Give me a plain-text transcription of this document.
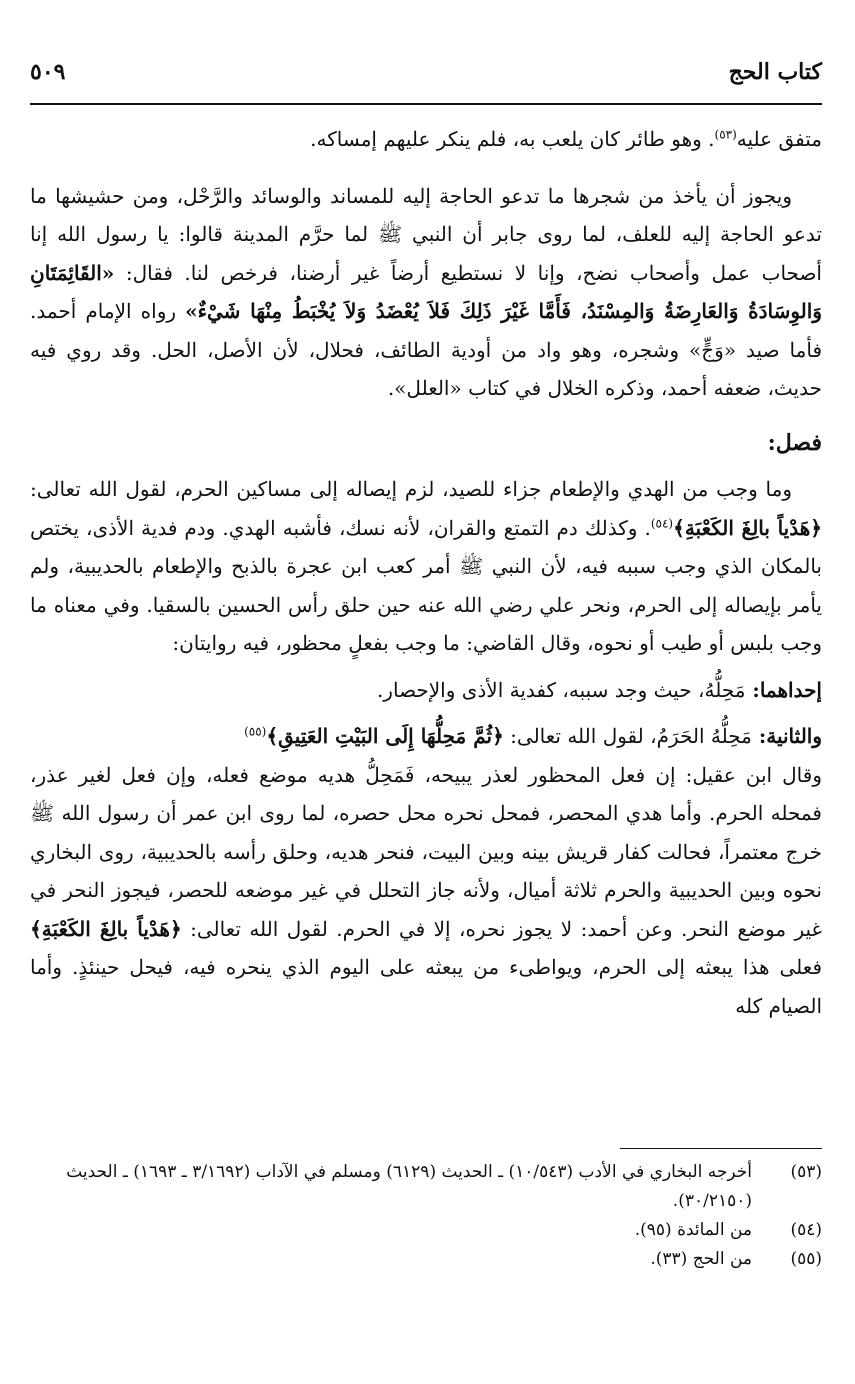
٥٠٩	كتاب الحج

متفق عليه$^{(٥٣)}$. وهو طائر كان يلعب به، فلم ينكر عليهم إمساكه.

ويجوز أن يأخذ من شجرها ما تدعو الحاجة إليه للمساند والوسائد والرَّحْل، ومن حشيشها ما تدعو الحاجة إليه للعلف، لما روى جابر أن النبي ﷺ لما حرَّم المدينة قالوا: يا رسول الله إنا أصحاب عمل وأصحاب نضح، وإنا لا نستطيع أرضاً غير أرضنا، فرخص لنا. فقال: «القَائِمَتَانِ وَالوِسَادَةُ وَالعَارِضَةُ وَالمِسْنَدُ، فَأَمَّا غَيْرَ ذَلِكَ فَلاَ يُعْضَدُ وَلاَ يُخْبَطُ مِنْهَا شَيْءٌ» رواه الإمام أحمد. فأما صيد «وَجٍّ» وشجره، وهو واد من أودية الطائف، فحلال، لأن الأصل، الحل. وقد روي فيه حديث، ضعفه أحمد، وذكره الخلال في كتاب «العلل».

فصل:

وما وجب من الهدي والإطعام جزاء للصيد، لزم إيصاله إلى مساكين الحرم، لقول الله تعالى: ﴿هَدْياً بالِغَ الكَعْبَةِ﴾$^{(٥٤)}$. وكذلك دم التمتع والقران، لأنه نسك، فأشبه الهدي. ودم فدية الأذى، يختص بالمكان الذي وجب سببه فيه، لأن النبي ﷺ أمر كعب ابن عجرة بالذبح والإطعام بالحديبية، ولم يأمر بإيصاله إلى الحرم، ونحر علي رضي الله عنه حين حلق رأس الحسين بالسقيا. وفي معناه ما وجب بلبس أو طيب أو نحوه، وقال القاضي: ما وجب بفعلٍ محظور، فيه روايتان:

إحداهما: مَحِلُّهُ، حيث وجد سببه، كفدية الأذى والإحصار.

والثانية: مَحِلُّهُ الحَرَمُ، لقول الله تعالى: ﴿ثُمَّ مَحِلُّهَا إِلَى البَيْتِ العَتِيقِ﴾$^{(٥٥)}$

وقال ابن عقيل: إن فعل المحظور لعذر يبيحه، فَمَحِلُّ هديه موضع فعله، وإن فعل لغير عذر، فمحله الحرم. وأما هدي المحصر، فمحل نحره محل حصره، لما روى ابن عمر أن رسول الله ﷺ خرج معتمراً، فحالت كفار قريش بينه وبين البيت، فنحر هديه، وحلق رأسه بالحديبية، روى البخاري نحوه وبين الحديبية والحرم ثلاثة أميال، ولأنه جاز التحلل في غير موضعه للحصر، فيجوز النحر في غير موضع النحر. وعن أحمد: لا يجوز نحره، إلا في الحرم. لقول الله تعالى: ﴿هَدْياً بالِغَ الكَعْبَةِ﴾ فعلى هذا يبعثه إلى الحرم، ويواطىء من يبعثه على اليوم الذي ينحره فيه، فيحل حينئذٍ. وأما الصيام كله

(٥٣)
أخرجه البخاري في الأدب (١٠/٥٤٣) ـ الحديث (٦١٢٩) ومسلم في الآداب (٣/١٦٩٢ ـ ١٦٩٣) ـ الحديث (٣٠/٢١٥٠).
(٥٤)
من المائدة (٩٥).
(٥٥)
من الحج (٣٣).
